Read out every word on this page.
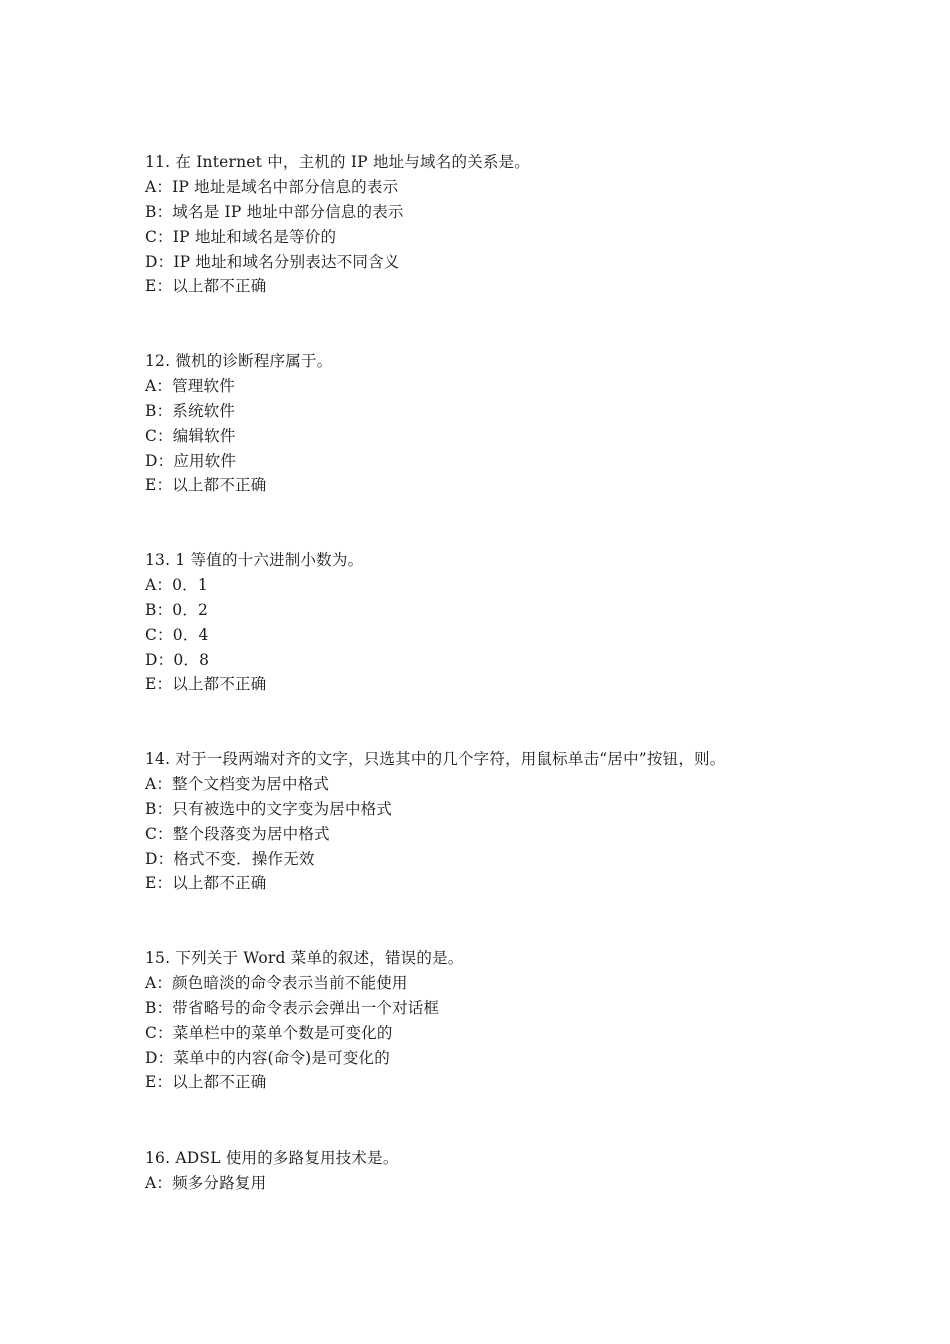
11. 在 Internet 中，主机的 IP 地址与域名的关系是。
A：IP 地址是域名中部分信息的表示
B：域名是 IP 地址中部分信息的表示
C：IP 地址和域名是等价的
D：IP 地址和域名分别表达不同含义
E：以上都不正确
12. 微机的诊断程序属于。
A：管理软件
B：系统软件
C：编辑软件
D：应用软件
E：以上都不正确
13. 1 等值的十六进制小数为。
A：0．1
B：0．2
C：0．4
D：0．8
E：以上都不正确
14. 对于一段两端对齐的文字，只选其中的几个字符，用鼠标单击“居中”按钮，则。
A：整个文档变为居中格式
B：只有被选中的文字变为居中格式
C：整个段落变为居中格式
D：格式不变．操作无效
E：以上都不正确
15. 下列关于 Word 菜单的叙述，错误的是。
A：颜色暗淡的命令表示当前不能使用
B：带省略号的命令表示会弹出一个对话框
C：菜单栏中的菜单个数是可变化的
D：菜单中的内容(命令)是可变化的
E：以上都不正确
16. ADSL 使用的多路复用技术是。
A：频多分路复用
